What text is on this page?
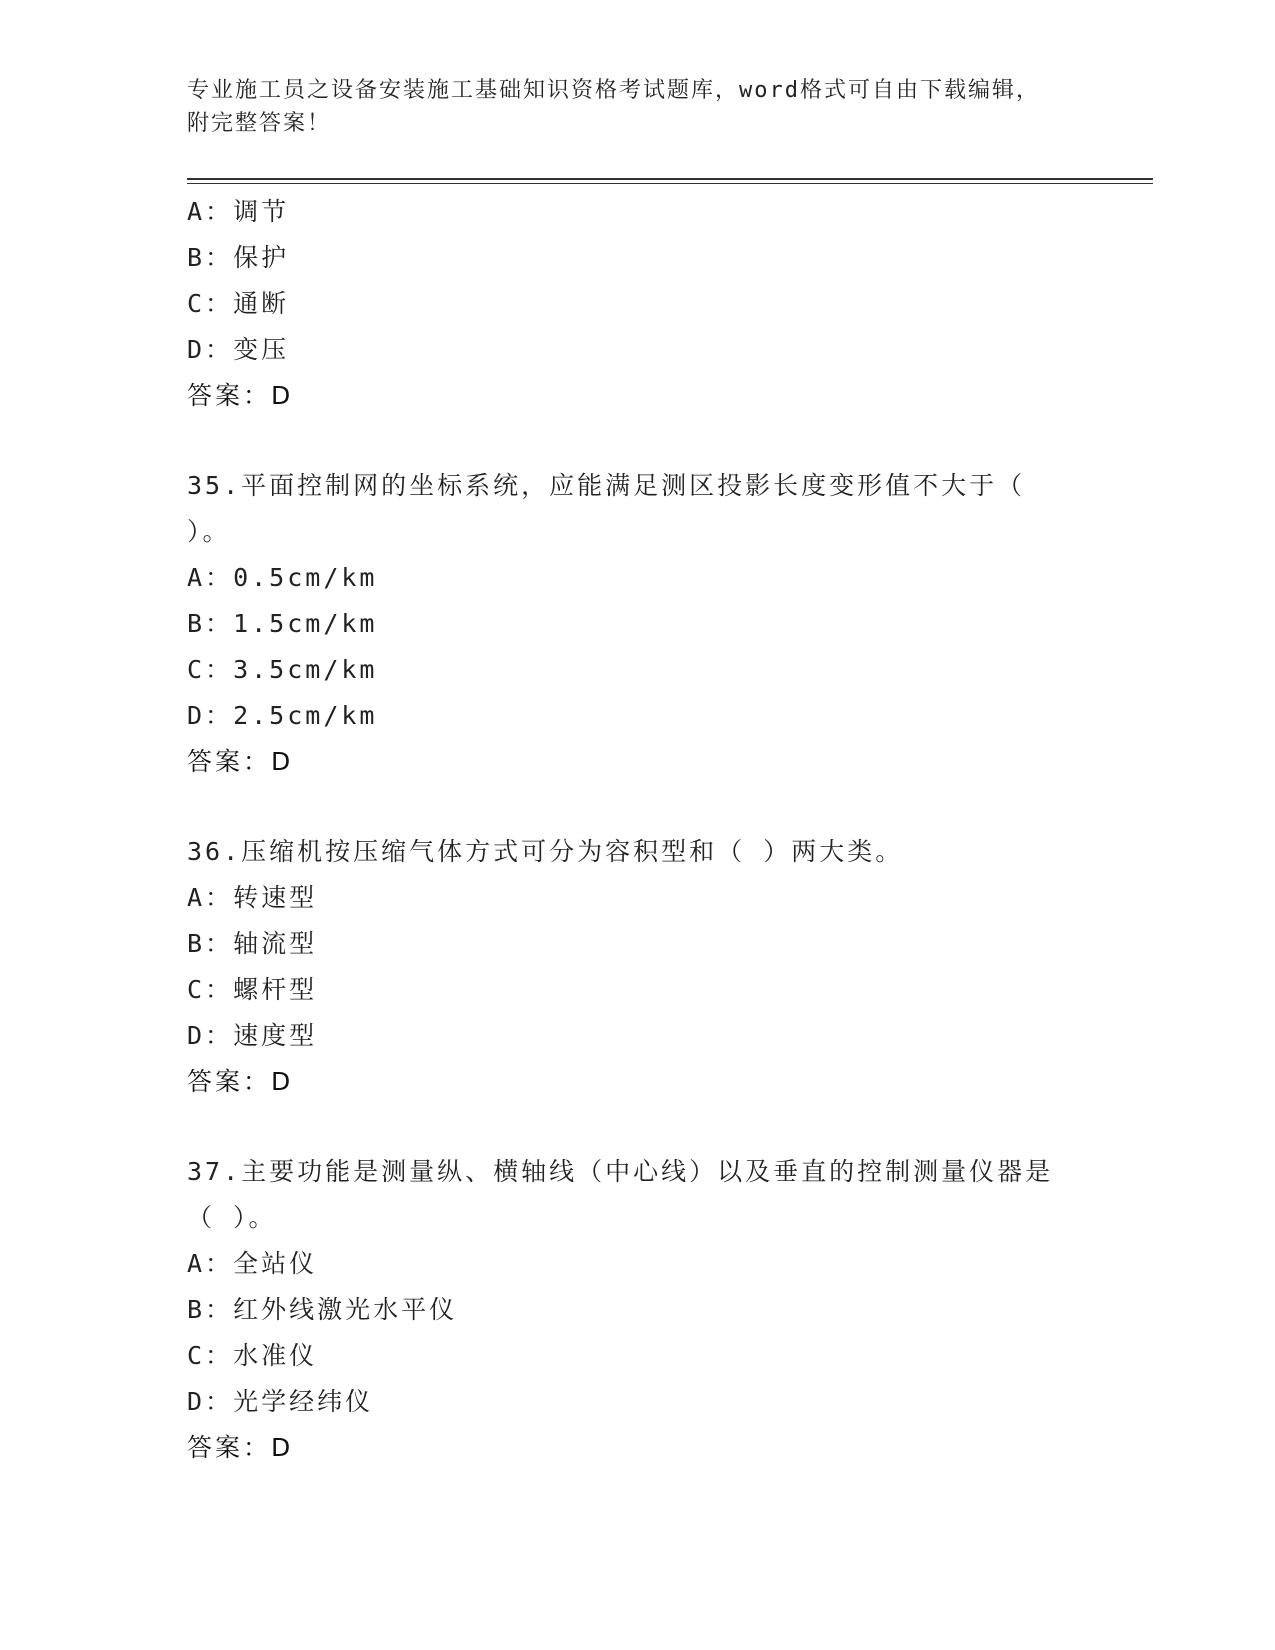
专业施工员之设备安装施工基础知识资格考试题库，word格式可自由下载编辑，
附完整答案！
A：调节
B：保护
C：通断
D：变压
答案：D
35.平面控制网的坐标系统，应能满足测区投影长度变形值不大于（
）。
A：0.5cm/km
B：1.5cm/km
C：3.5cm/km
D：2.5cm/km
答案：D
36.压缩机按压缩气体方式可分为容积型和（ ）两大类。
A：转速型
B：轴流型
C：螺杆型
D：速度型
答案：D
37.主要功能是测量纵、横轴线（中心线）以及垂直的控制测量仪器是
（ ）。
A：全站仪
B：红外线激光水平仪
C：水准仪
D：光学经纬仪
答案：D
